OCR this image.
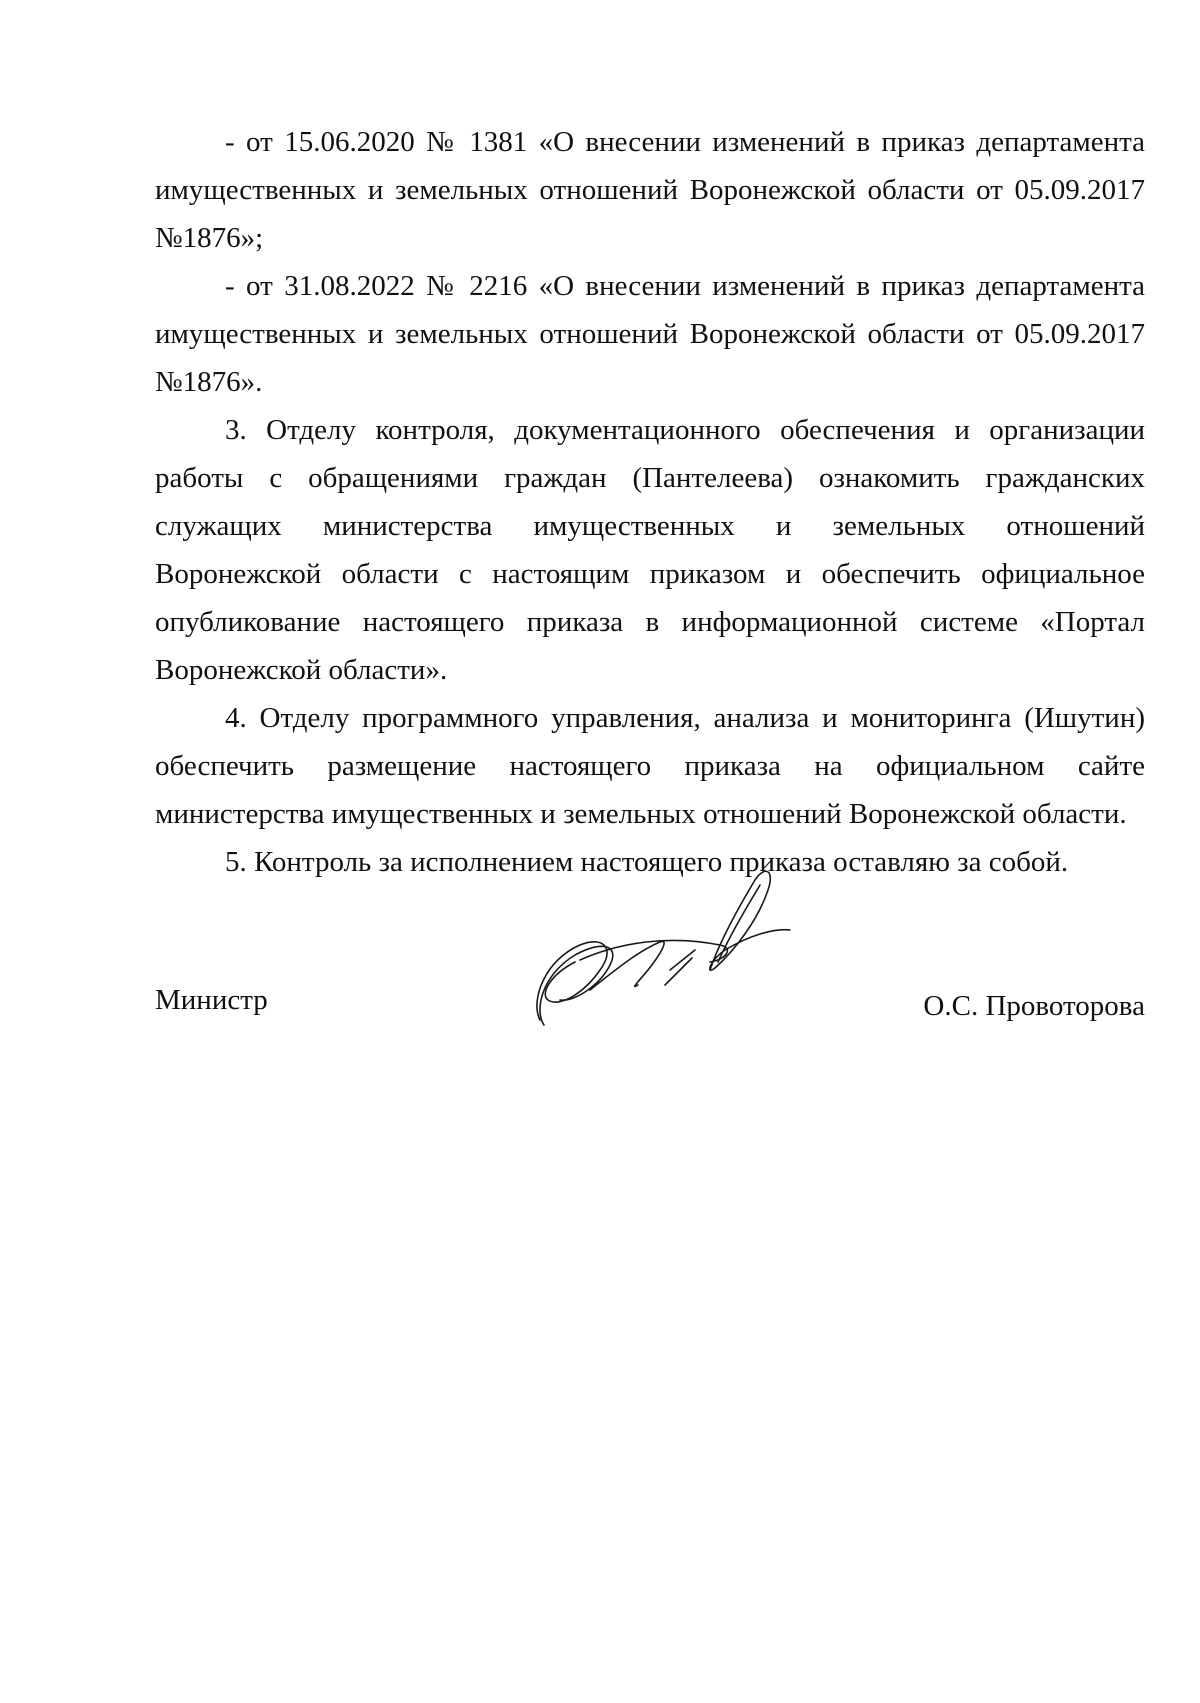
- от 15.06.2020 № 1381 «О внесении изменений в приказ департамента имущественных и земельных отношений Воронежской области от 05.09.2017 №1876»;

- от 31.08.2022 № 2216 «О внесении изменений в приказ департамента имущественных и земельных отношений Воронежской области от 05.09.2017 №1876».

3. Отделу контроля, документационного обеспечения и организации работы с обращениями граждан (Пантелеева) ознакомить гражданских служащих министерства имущественных и земельных отношений Воронежской области с настоящим приказом и обеспечить официальное опубликование настоящего приказа в информационной системе «Портал Воронежской области».

4. Отделу программного управления, анализа и мониторинга (Ишутин) обеспечить размещение настоящего приказа на официальном сайте министерства имущественных и земельных отношений Воронежской области.

5. Контроль за исполнением настоящего приказа оставляю за собой.

Министр	О.С. Провоторова
